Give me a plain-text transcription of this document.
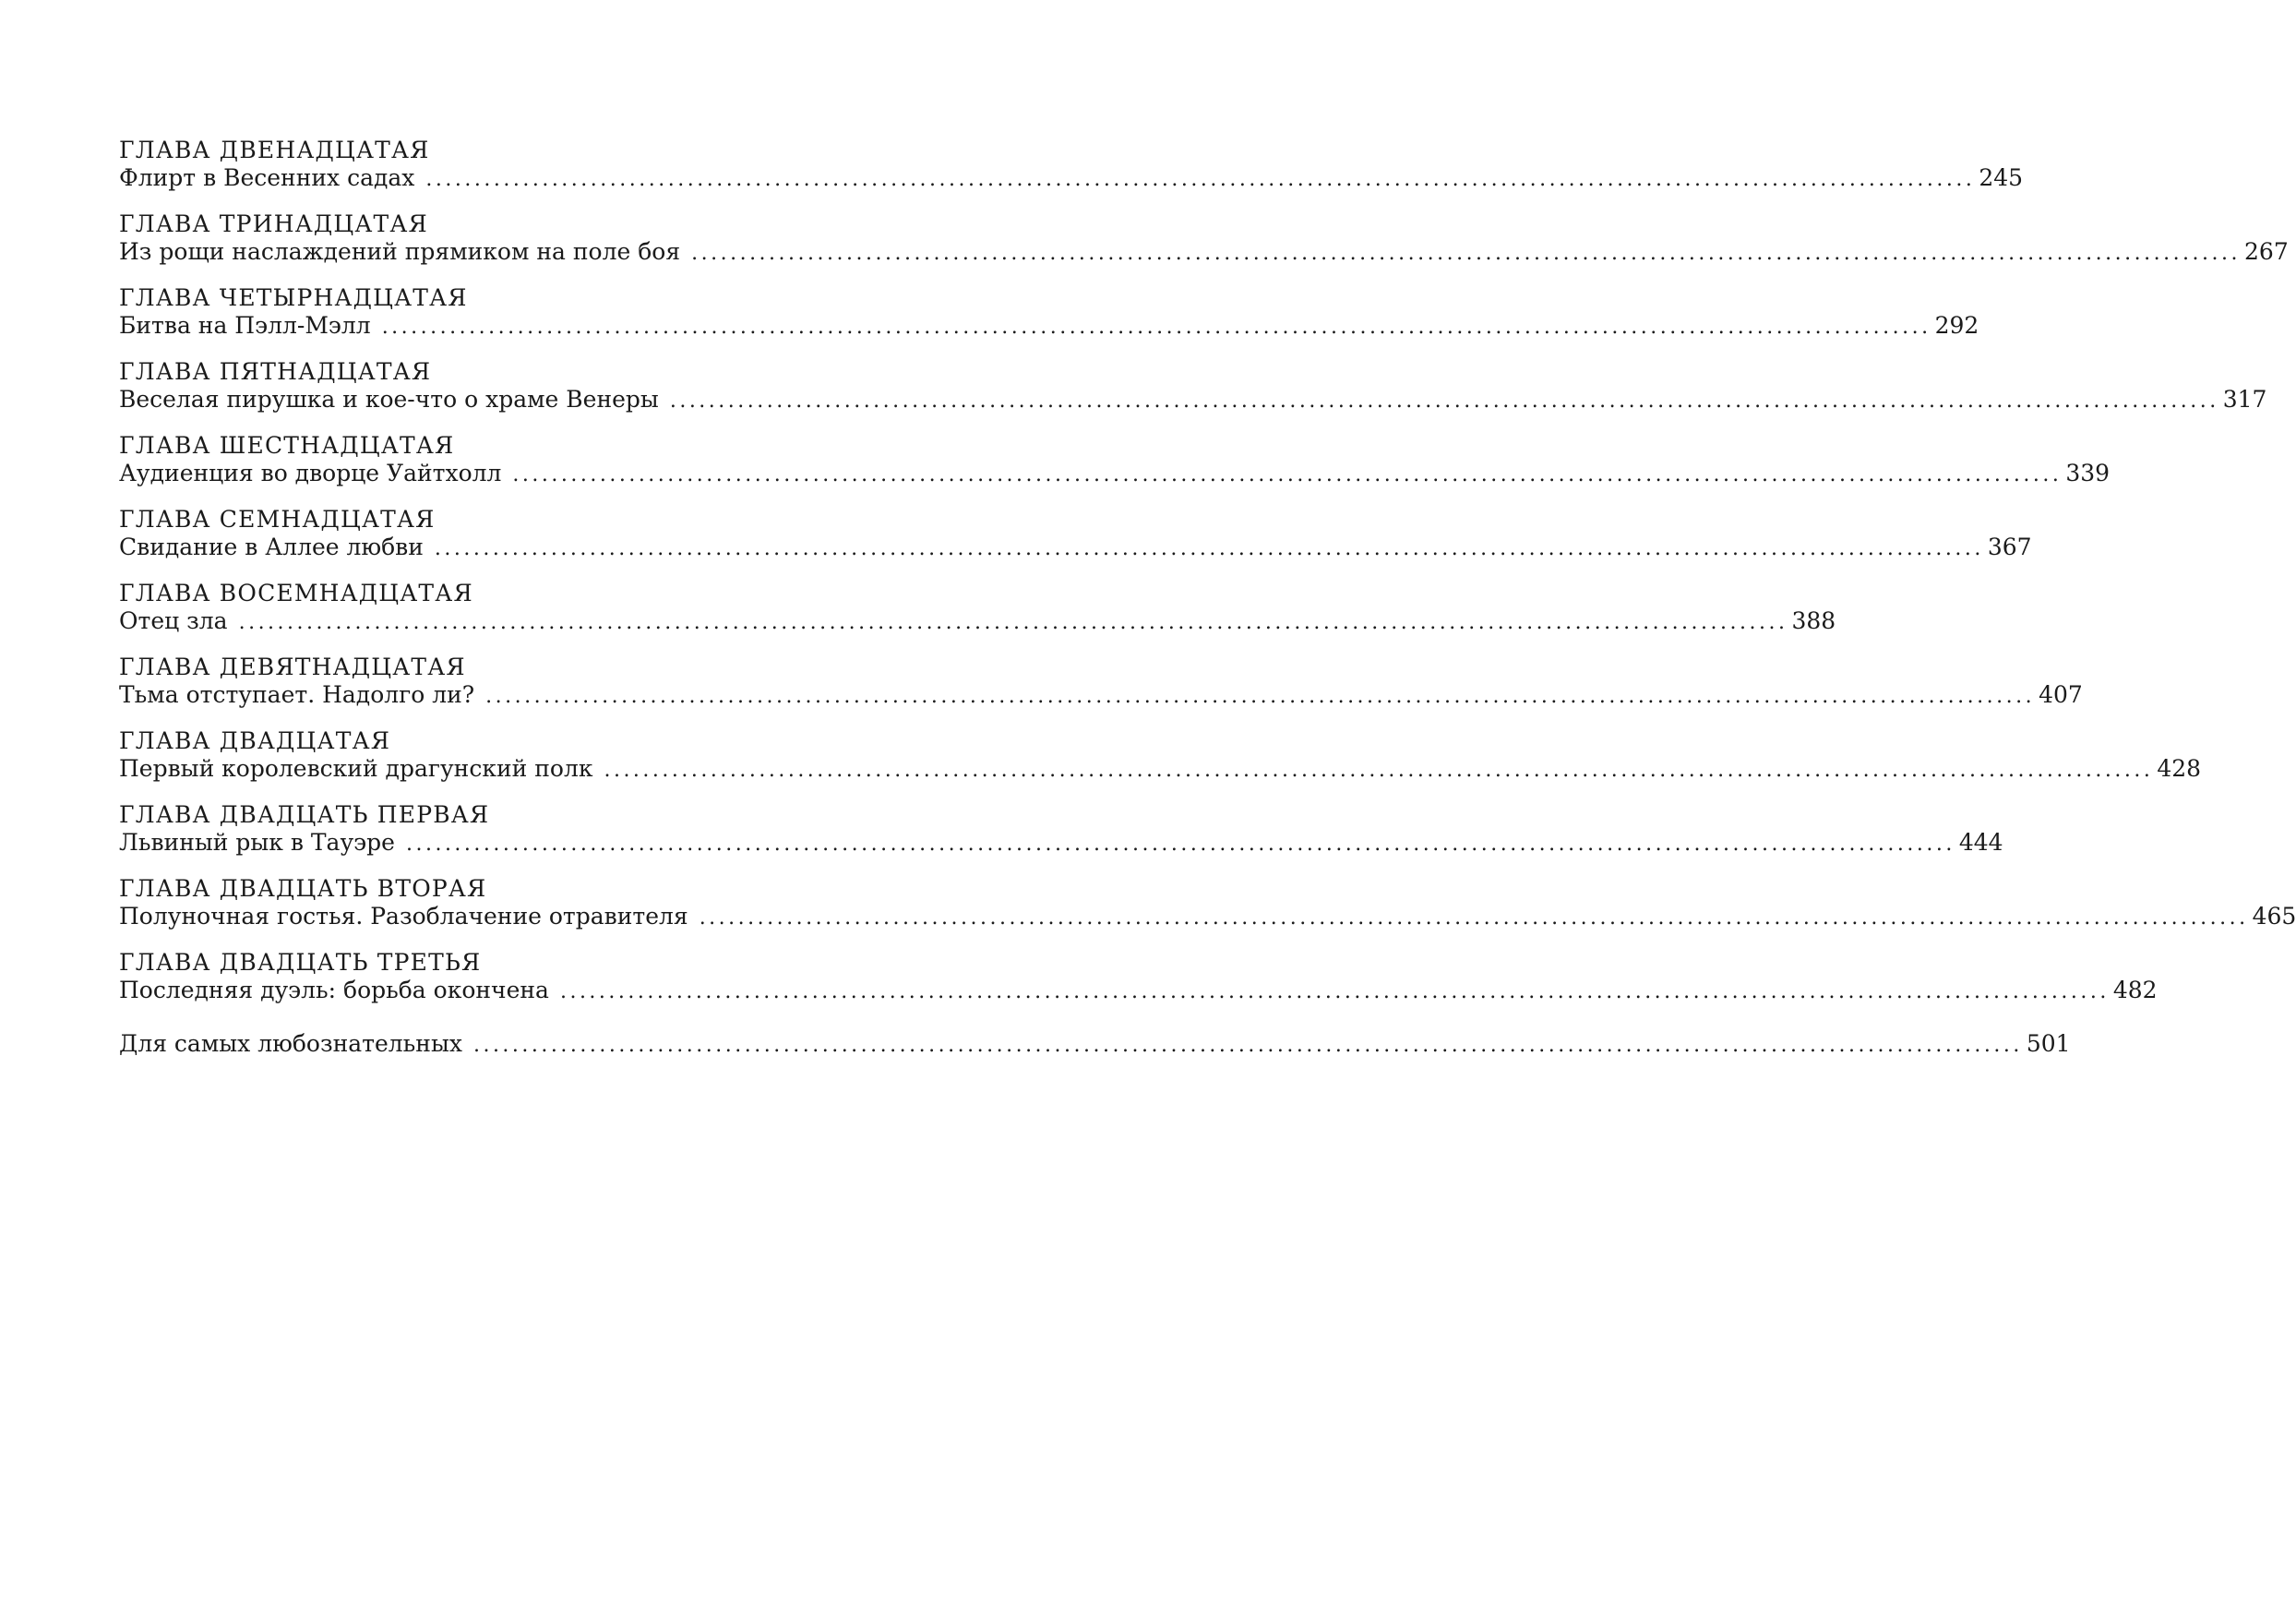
ГЛАВА ДВЕНАДЦАТАЯ
Флирт в Весенних садах ................................................................................................................................................................ 245
ГЛАВА ТРИНАДЦАТАЯ
Из рощи наслаждений прямиком на поле боя ................................................................................................................................................................ 267
ГЛАВА ЧЕТЫРНАДЦАТАЯ
Битва на Пэлл-Мэлл ................................................................................................................................................................ 292
ГЛАВА ПЯТНАДЦАТАЯ
Веселая пирушка и кое-что о храме Венеры ................................................................................................................................................................ 317
ГЛАВА ШЕСТНАДЦАТАЯ
Аудиенция во дворце Уайтхолл ................................................................................................................................................................ 339
ГЛАВА СЕМНАДЦАТАЯ
Свидание в Аллее любви ................................................................................................................................................................ 367
ГЛАВА ВОСЕМНАДЦАТАЯ
Отец зла ................................................................................................................................................................ 388
ГЛАВА ДЕВЯТНАДЦАТАЯ
Тьма отступает. Надолго ли? ................................................................................................................................................................ 407
ГЛАВА ДВАДЦАТАЯ
Первый королевский драгунский полк ................................................................................................................................................................ 428
ГЛАВА ДВАДЦАТЬ ПЕРВАЯ
Львиный рык в Тауэре ................................................................................................................................................................ 444
ГЛАВА ДВАДЦАТЬ ВТОРАЯ
Полуночная гостья. Разоблачение отравителя ................................................................................................................................................................ 465
ГЛАВА ДВАДЦАТЬ ТРЕТЬЯ
Последняя дуэль: борьба окончена ................................................................................................................................................................ 482
Для самых любознательных ................................................................................................................................................................ 501
